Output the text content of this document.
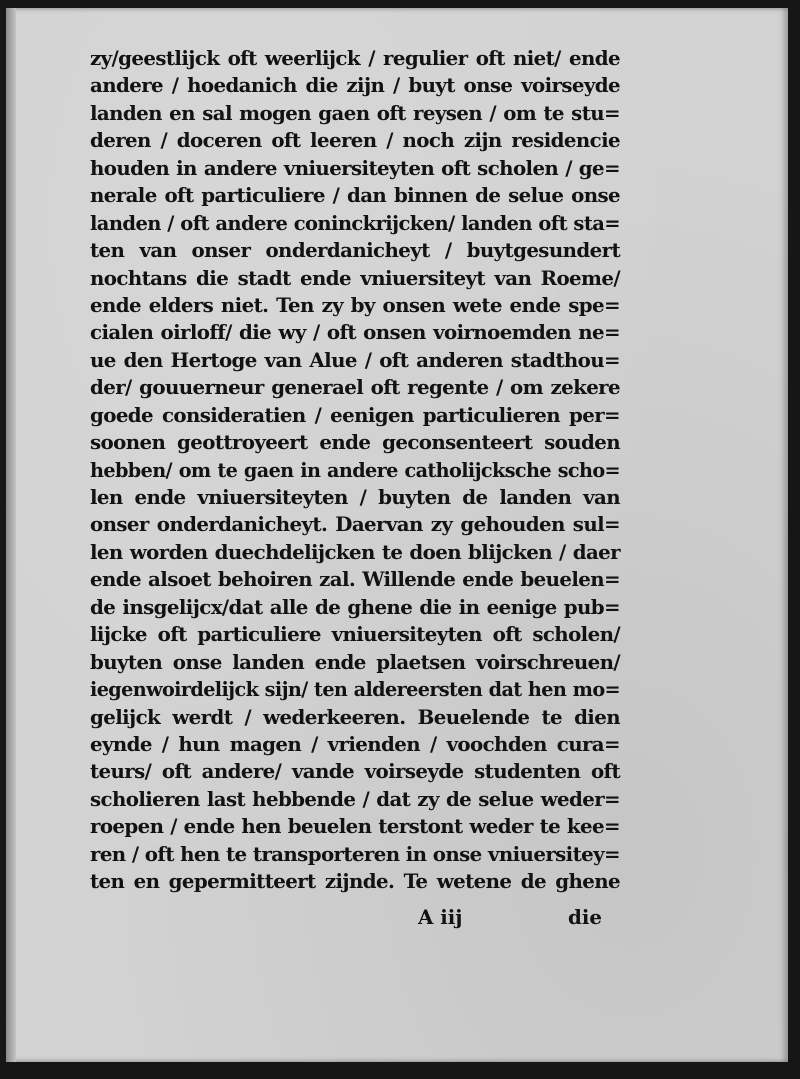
zy/geestlijck oft weerlijck / regulier oft niet/ ende
andere / hoedanich die zijn / buyt onse voirseyde
landen en sal mogen gaen oft reysen / om te stu=
deren / doceren oft leeren / noch zijn residencie
houden in andere vniuersiteyten oft scholen / ge=
nerale oft particuliere / dan binnen de selue onse
landen / oft andere coninckrijcken/ landen oft sta=
ten van onser onderdanicheyt / buytgesundert
nochtans die stadt ende vniuersiteyt van Roeme/
ende elders niet. Ten zy by onsen wete ende spe=
cialen oirloff/ die wy / oft onsen voirnoemden ne=
ue den Hertoge van Alue / oft anderen stadthou=
der/ gouuerneur generael oft regente / om zekere
goede consideratien / eenigen particulieren per=
soonen geottroyeert ende geconsenteert souden
hebben/ om te gaen in andere catholijcksche scho=
len ende vniuersiteyten / buyten de landen van
onser onderdanicheyt. Daervan zy gehouden sul=
len worden duechdelijcken te doen blijcken / daer
ende alsoet behoiren zal. Willende ende beuelen=
de insgelijcx/dat alle de ghene die in eenige pub=
lijcke oft particuliere vniuersiteyten oft scholen/
buyten onse landen ende plaetsen voirschreuen/
iegenwoirdelijck sijn/ ten aldereersten dat hen mo=
gelijck werdt / wederkeeren. Beuelende te dien
eynde / hun magen / vrienden / voochden cura=
teurs/ oft andere/ vande voirseyde studenten oft
scholieren last hebbende / dat zy de selue weder=
roepen / ende hen beuelen terstont weder te kee=
ren / oft hen te transporteren in onse vniuersitey=
ten en gepermitteert zijnde. Te wetene de ghene
A iij	die
